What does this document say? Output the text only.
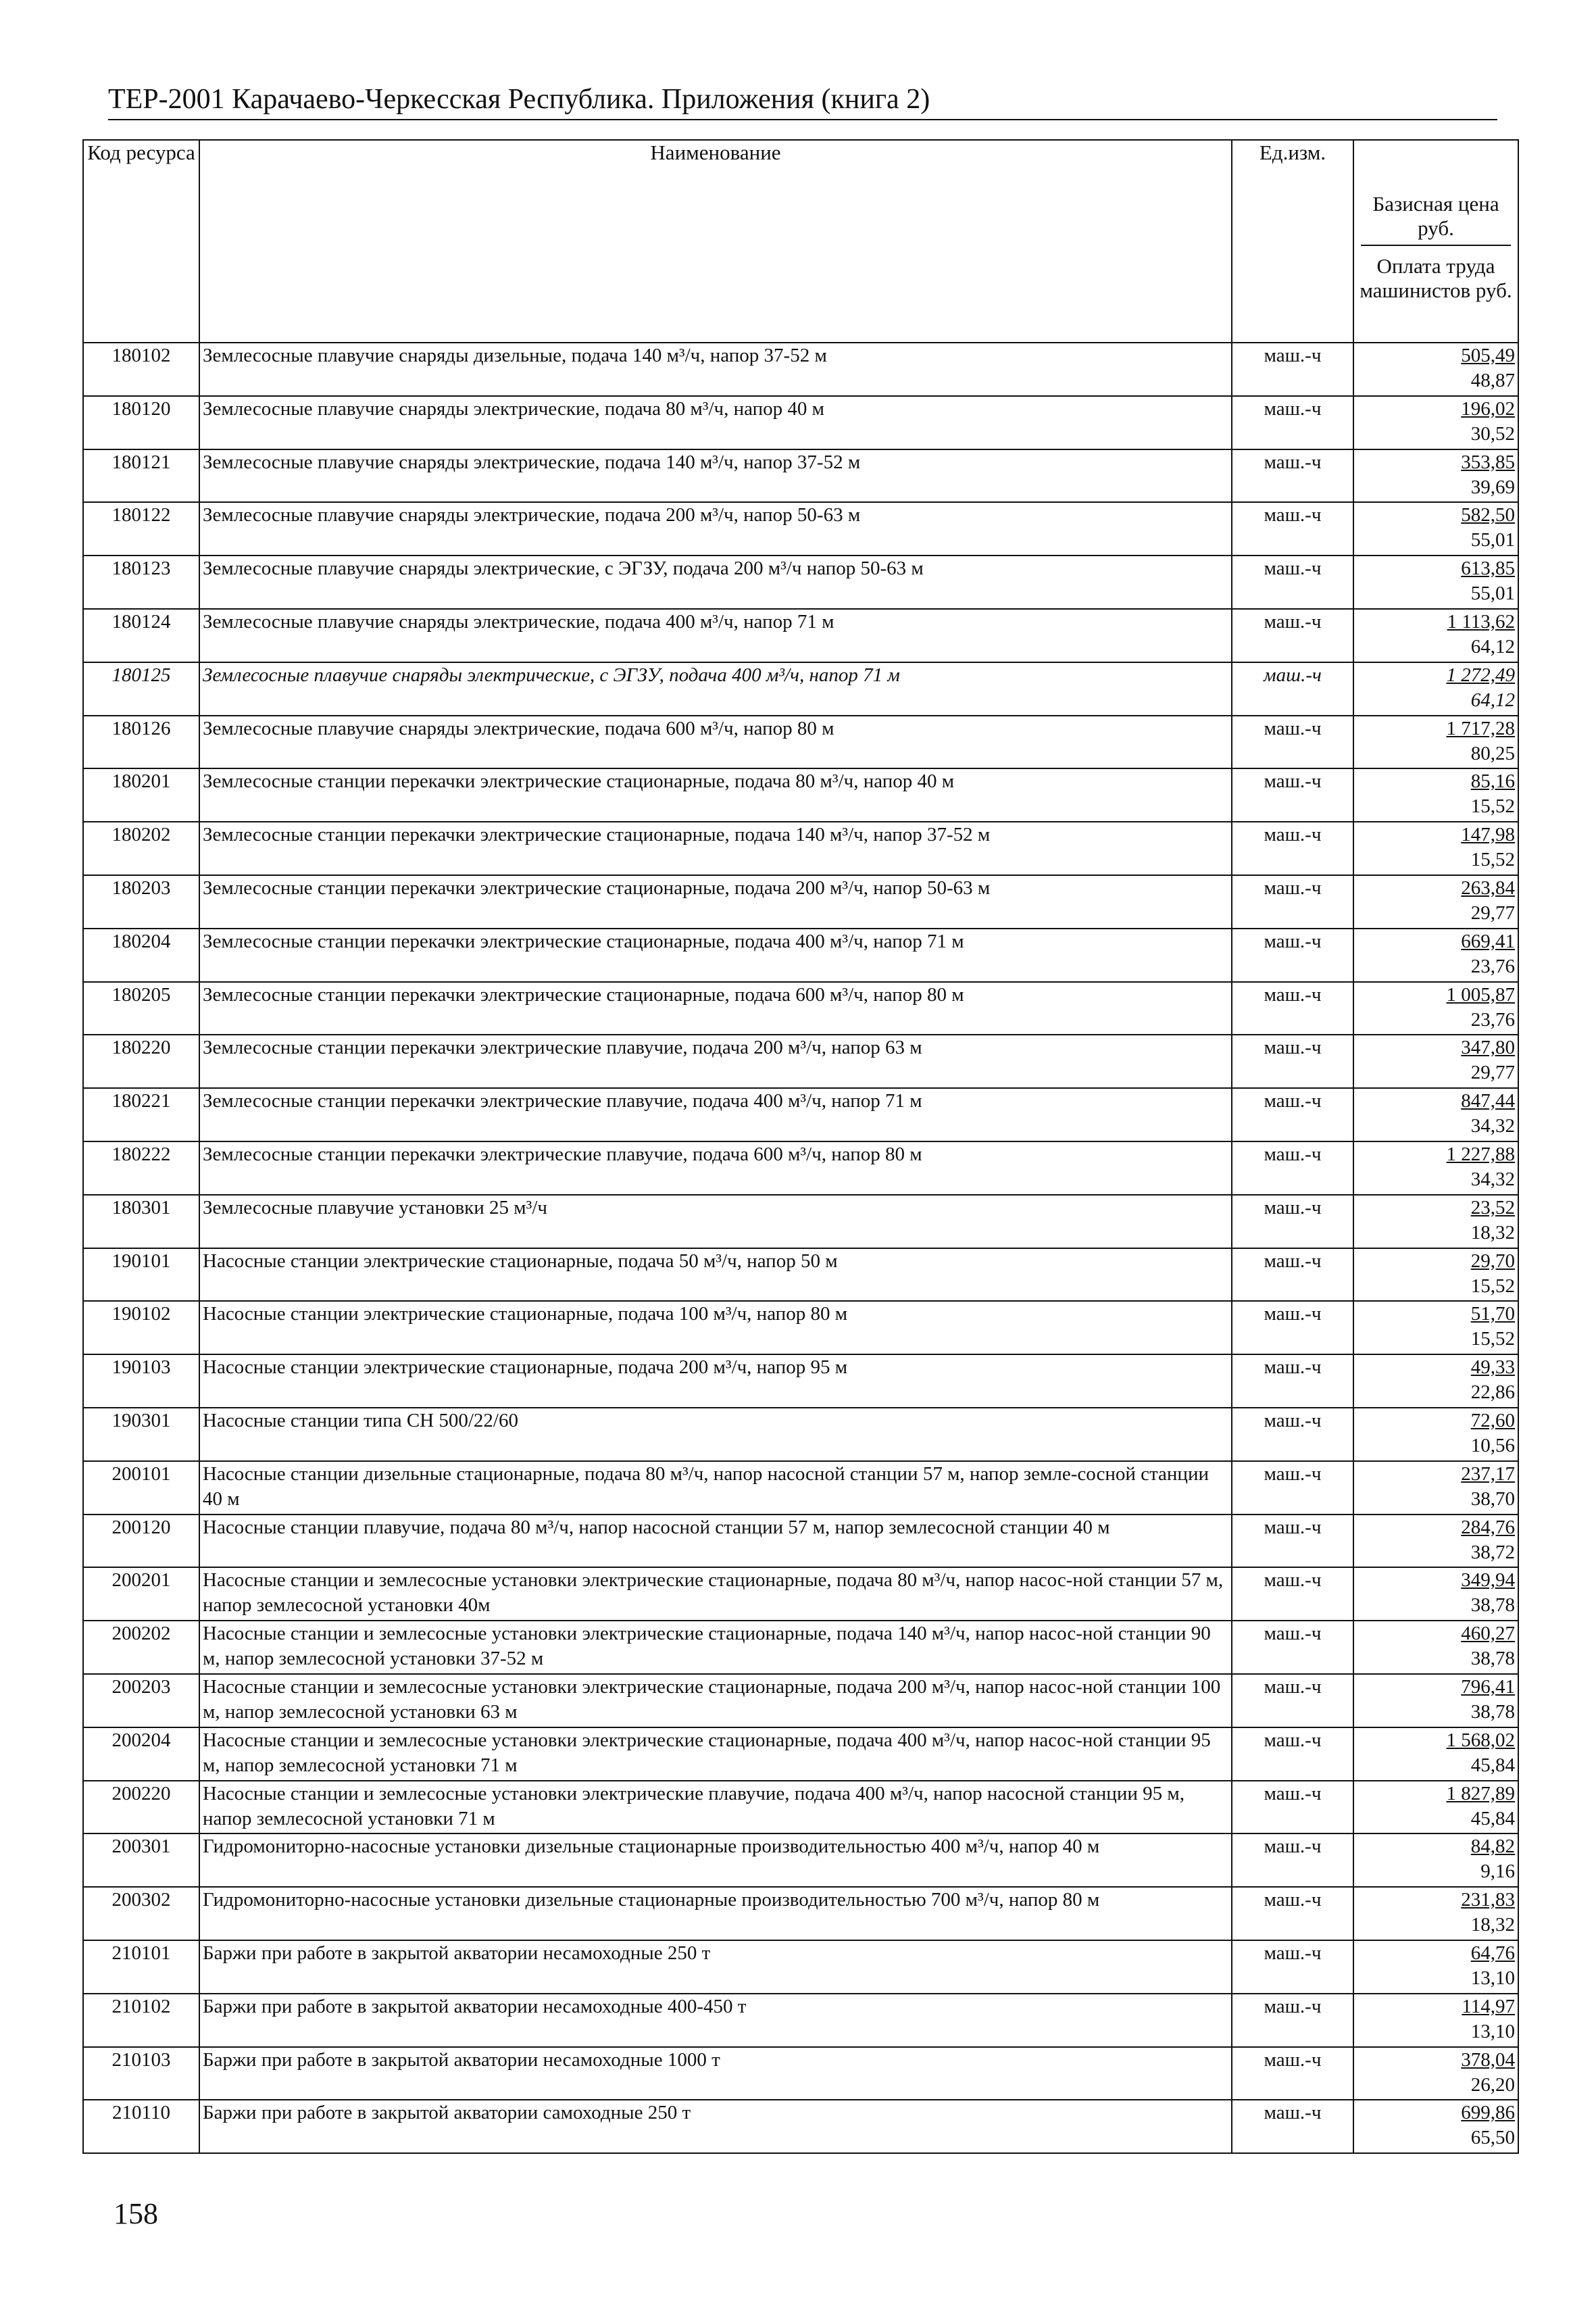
ТЕР-2001 Карачаево-Черкесская Республика. Приложения (книга 2)
Код ресурса	Наименование	Ед.изм.	Базисная цена руб.
Оплата труда машинистов руб.

180102	Землесосные плавучие снаряды дизельные, подача 140 м³/ч, напор 37-52 м	маш.-ч	505,49
48,87

180120	Землесосные плавучие снаряды электрические, подача 80 м³/ч, напор 40 м	маш.-ч	196,02
30,52

180121	Землесосные плавучие снаряды электрические, подача 140 м³/ч, напор 37-52 м	маш.-ч	353,85
39,69

180122	Землесосные плавучие снаряды электрические, подача 200 м³/ч, напор 50-63 м	маш.-ч	582,50
55,01

180123	Землесосные плавучие снаряды электрические, с ЭГЗУ, подача 200 м³/ч напор 50-63 м	маш.-ч	613,85
55,01

180124	Землесосные плавучие снаряды электрические, подача 400 м³/ч, напор 71 м	маш.-ч	1 113,62
64,12

180125	Землесосные плавучие снаряды электрические, с ЭГЗУ, подача 400 м³/ч, напор 71 м	маш.-ч	1 272,49
64,12

180126	Землесосные плавучие снаряды электрические, подача 600 м³/ч, напор 80 м	маш.-ч	1 717,28
80,25

180201	Землесосные станции перекачки электрические стационарные, подача 80 м³/ч, напор 40 м	маш.-ч	85,16
15,52

180202	Землесосные станции перекачки электрические стационарные, подача 140 м³/ч, напор 37-52 м	маш.-ч	147,98
15,52

180203	Землесосные станции перекачки электрические стационарные, подача 200 м³/ч, напор 50-63 м	маш.-ч	263,84
29,77

180204	Землесосные станции перекачки электрические стационарные, подача 400 м³/ч, напор 71 м	маш.-ч	669,41
23,76

180205	Землесосные станции перекачки электрические стационарные, подача 600 м³/ч, напор 80 м	маш.-ч	1 005,87
23,76

180220	Землесосные станции перекачки электрические плавучие, подача 200 м³/ч, напор 63 м	маш.-ч	347,80
29,77

180221	Землесосные станции перекачки электрические плавучие, подача 400 м³/ч, напор 71 м	маш.-ч	847,44
34,32

180222	Землесосные станции перекачки электрические плавучие, подача 600 м³/ч, напор 80 м	маш.-ч	1 227,88
34,32

180301	Землесосные плавучие установки 25 м³/ч	маш.-ч	23,52
18,32

190101	Насосные станции электрические стационарные, подача 50 м³/ч, напор 50 м	маш.-ч	29,70
15,52

190102	Насосные станции электрические стационарные, подача 100 м³/ч, напор 80 м	маш.-ч	51,70
15,52

190103	Насосные станции электрические стационарные, подача 200 м³/ч, напор 95 м	маш.-ч	49,33
22,86

190301	Насосные станции типа СН 500/22/60	маш.-ч	72,60
10,56

200101	Насосные станции дизельные стационарные, подача 80 м³/ч, напор насосной станции 57 м, напор земле-сосной станции 40 м	маш.-ч	237,17
38,70

200120	Насосные станции плавучие, подача 80 м³/ч, напор насосной станции 57 м, напор землесосной станции 40 м	маш.-ч	284,76
38,72

200201	Насосные станции и землесосные установки электрические стационарные, подача 80 м³/ч, напор насос-ной станции 57 м, напор землесосной установки 40м	маш.-ч	349,94
38,78

200202	Насосные станции и землесосные установки электрические стационарные, подача 140 м³/ч, напор насос-ной станции 90 м, напор землесосной установки 37-52 м	маш.-ч	460,27
38,78

200203	Насосные станции и землесосные установки электрические стационарные, подача 200 м³/ч, напор насос-ной станции 100 м, напор землесосной установки 63 м	маш.-ч	796,41
38,78

200204	Насосные станции и землесосные установки электрические стационарные, подача 400 м³/ч, напор насос-ной станции 95 м, напор землесосной установки 71 м	маш.-ч	1 568,02
45,84

200220	Насосные станции и землесосные установки электрические плавучие, подача 400 м³/ч, напор насосной станции 95 м, напор землесосной установки 71 м	маш.-ч	1 827,89
45,84

200301	Гидромониторно-насосные установки дизельные стационарные производительностью 400 м³/ч, напор 40 м	маш.-ч	84,82
9,16

200302	Гидромониторно-насосные установки дизельные стационарные производительностью 700 м³/ч, напор 80 м	маш.-ч	231,83
18,32

210101	Баржи при работе в закрытой акватории несамоходные 250 т	маш.-ч	64,76
13,10

210102	Баржи при работе в закрытой акватории несамоходные 400-450 т	маш.-ч	114,97
13,10

210103	Баржи при работе в закрытой акватории несамоходные 1000 т	маш.-ч	378,04
26,20

210110	Баржи при работе в закрытой акватории самоходные 250 т	маш.-ч	699,86
65,50
158
